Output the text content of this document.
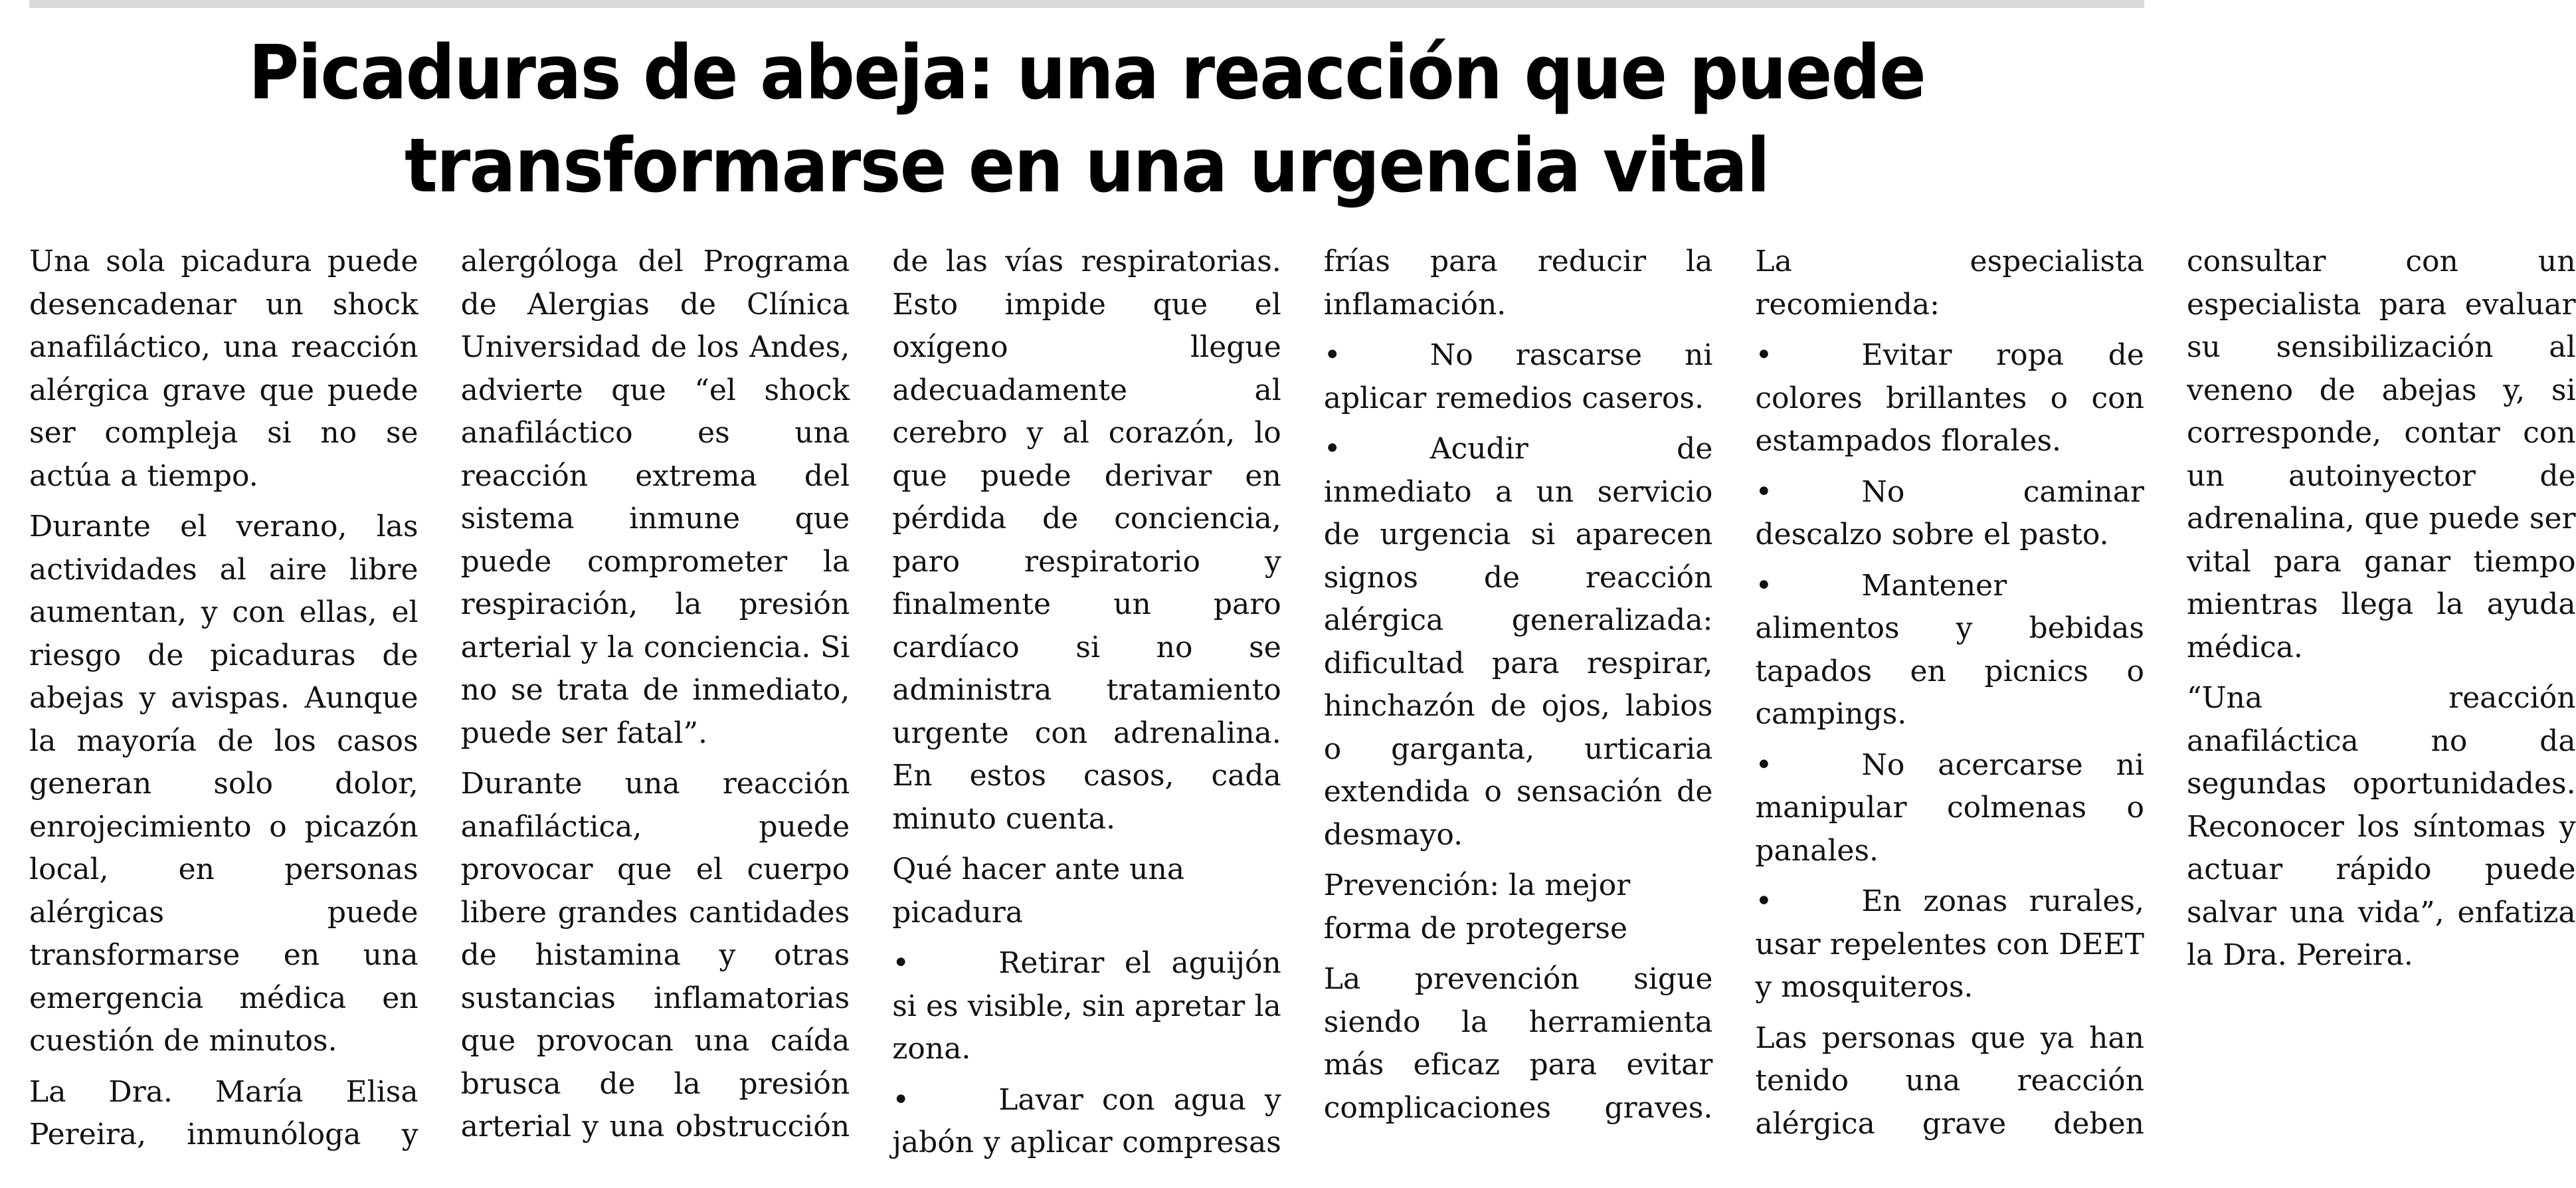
Picaduras de abeja: una reacción que puede
transformarse en una urgencia vital

Una sola picadura puede desencadenar un shock anafiláctico, una reacción alérgica grave que puede ser compleja si no se actúa a tiempo.

Durante el verano, las actividades al aire libre aumentan, y con ellas, el riesgo de picaduras de abejas y avispas. Aunque la mayoría de los casos generan solo dolor, enrojecimiento o picazón local, en personas alérgicas puede transformarse en una emergencia médica en cuestión de minutos.

La Dra. María Elisa Pereira, inmunóloga y alergóloga del Programa de Alergias de Clínica Universidad de los Andes, advierte que “el shock anafiláctico es una reacción extrema del sistema inmune que puede comprometer la respiración, la presión arterial y la conciencia. Si no se trata de inmediato, puede ser fatal”.

Durante una reacción anafiláctica, puede provocar que el cuerpo libere grandes cantidades de histamina y otras sustancias inflamatorias que provocan una caída brusca de la presión arterial y una obstrucción de las vías respiratorias. Esto impide que el oxígeno llegue adecuadamente al cerebro y al corazón, lo que puede derivar en pérdida de conciencia, paro respiratorio y finalmente un paro cardíaco si no se administra tratamiento urgente con adrenalina. En estos casos, cada minuto cuenta.

Qué hacer ante una picadura

•	Retirar el aguijón si es visible, sin apretar la zona.

•	Lavar con agua y jabón y aplicar compresas frías para reducir la inflamación.

•	No rascarse ni aplicar remedios caseros.

•	Acudir de inmediato a un servicio de urgencia si aparecen signos de reacción alérgica generalizada: dificultad para respirar, hinchazón de ojos, labios o garganta, urticaria extendida o sensación de desmayo.

Prevención: la mejor forma de protegerse

La prevención sigue siendo la herramienta más eficaz para evitar complicaciones graves. La especialista recomienda:

•	Evitar ropa de colores brillantes o con estampados florales.

•	No caminar descalzo sobre el pasto.

•	Mantener alimentos y bebidas tapados en picnics o campings.

•	No acercarse ni manipular colmenas o panales.

•	En zonas rurales, usar repelentes con DEET y mosquiteros.

Las personas que ya han tenido una reacción alérgica grave deben consultar con un especialista para evaluar su sensibilización al veneno de abejas y, si corresponde, contar con un autoinyector de adrenalina, que puede ser vital para ganar tiempo mientras llega la ayuda médica.

“Una reacción anafiláctica no da segundas oportunidades. Reconocer los síntomas y actuar rápido puede salvar una vida”, enfatiza la Dra. Pereira.
